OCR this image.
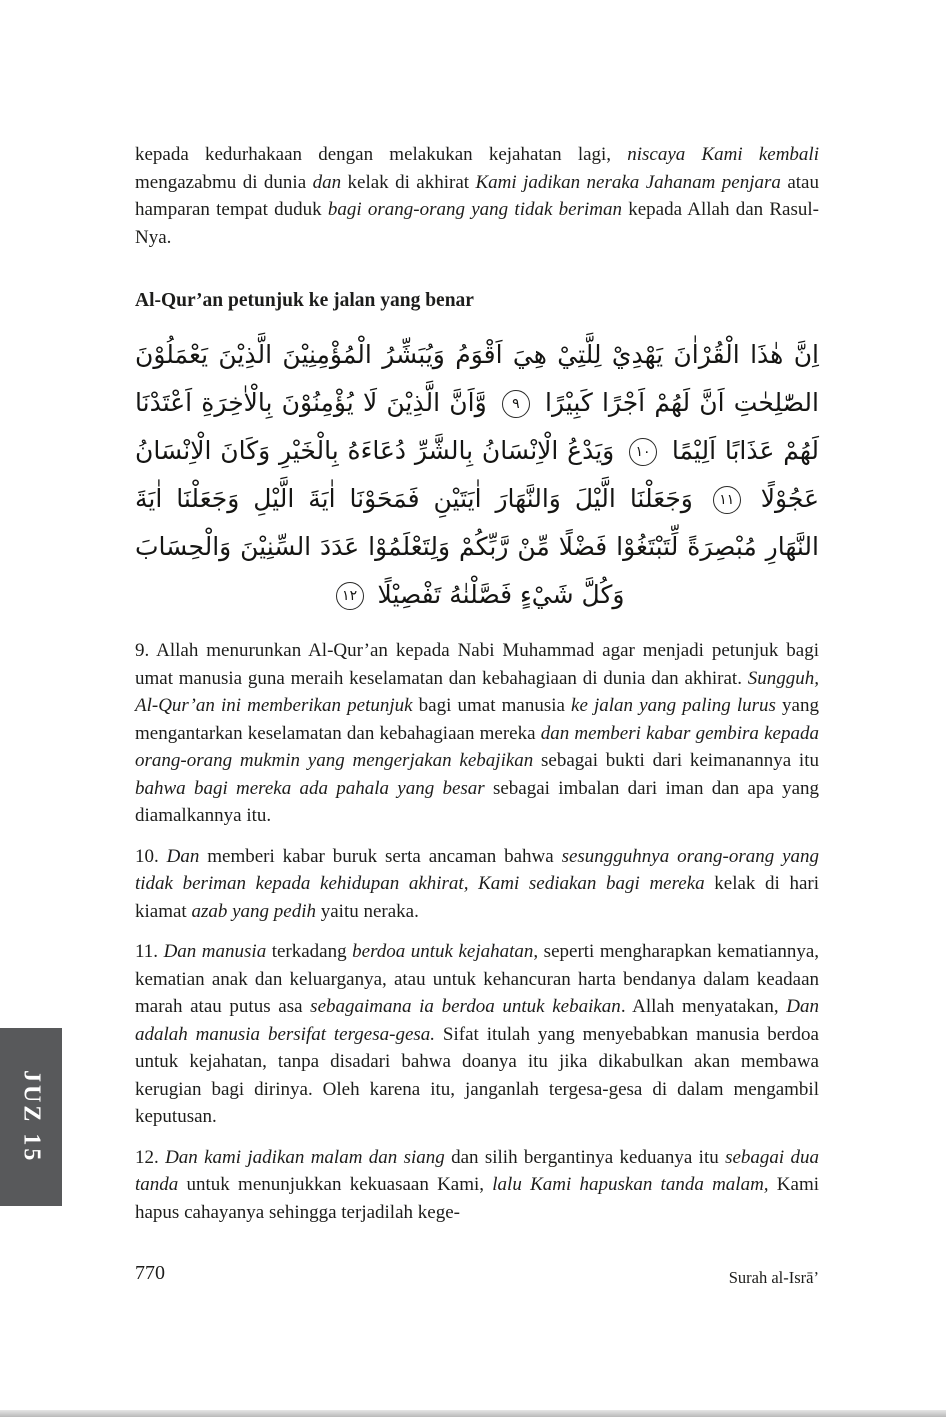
kepada kedurhakaan dengan melakukan kejahatan lagi, niscaya Kami kembali mengazabmu di dunia dan kelak di akhirat Kami jadikan neraka Jahanam penjara atau hamparan tempat duduk bagi orang-orang yang tidak beriman kepada Allah dan Rasul-Nya.

Al-Qur’an petunjuk ke jalan yang benar
اِنَّ هٰذَا الْقُرْاٰنَ يَهْدِيْ لِلَّتِيْ هِيَ اَقْوَمُ وَيُبَشِّرُ الْمُؤْمِنِيْنَ الَّذِيْنَ يَعْمَلُوْنَ الصّٰلِحٰتِ اَنَّ لَهُمْ اَجْرًا كَبِيْرًا ٩ وَّاَنَّ الَّذِيْنَ لَا يُؤْمِنُوْنَ بِالْاٰخِرَةِ اَعْتَدْنَا لَهُمْ عَذَابًا اَلِيْمًا ١٠ وَيَدْعُ الْاِنْسَانُ بِالشَّرِّ دُعَاءَهُ بِالْخَيْرِ وَكَانَ الْاِنْسَانُ عَجُوْلًا ١١ وَجَعَلْنَا الَّيْلَ وَالنَّهَارَ اٰيَتَيْنِ فَمَحَوْنَا اٰيَةَ الَّيْلِ وَجَعَلْنَا اٰيَةَ النَّهَارِ مُبْصِرَةً لِّتَبْتَغُوْا فَضْلًا مِّنْ رَّبِّكُمْ وَلِتَعْلَمُوْا عَدَدَ السِّنِيْنَ وَالْحِسَابَ وَكُلَّ شَيْءٍ فَصَّلْنٰهُ تَفْصِيْلًا ١٢

9. Allah menurunkan Al-Qur’an kepada Nabi Muhammad agar menjadi petunjuk bagi umat manusia guna meraih keselamatan dan kebahagiaan di dunia dan akhirat. Sungguh, Al-Qur’an ini memberikan petunjuk bagi umat manusia ke jalan yang paling lurus yang mengantarkan keselamatan dan kebahagiaan mereka dan memberi kabar gembira kepada orang-orang mukmin yang mengerjakan kebajikan sebagai bukti dari keimanannya itu bahwa bagi mereka ada pahala yang besar sebagai imbalan dari iman dan apa yang diamalkannya itu.

10. Dan memberi kabar buruk serta ancaman bahwa sesungguhnya orang-orang yang tidak beriman kepada kehidupan akhirat, Kami sediakan bagi mereka kelak di hari kiamat azab yang pedih yaitu neraka.

11. Dan manusia terkadang berdoa untuk kejahatan, seperti mengharapkan kematiannya, kematian anak dan keluarganya, atau untuk kehancuran harta bendanya dalam keadaan marah atau putus asa sebagaimana ia berdoa untuk kebaikan. Allah menyatakan, Dan adalah manusia bersifat tergesa-gesa. Sifat itulah yang menyebabkan manusia berdoa untuk kejahatan, tanpa disadari bahwa doanya itu jika dikabulkan akan membawa kerugian bagi dirinya. Oleh karena itu, janganlah tergesa-gesa di dalam mengambil keputusan.

12. Dan kami jadikan malam dan siang dan silih bergantinya keduanya itu sebagai dua tanda untuk menunjukkan kekuasaan Kami, lalu Kami hapuskan tanda malam, Kami hapus cahayanya sehingga terjadilah kege-

JUZ 15
770	Surah al-Isrā’
